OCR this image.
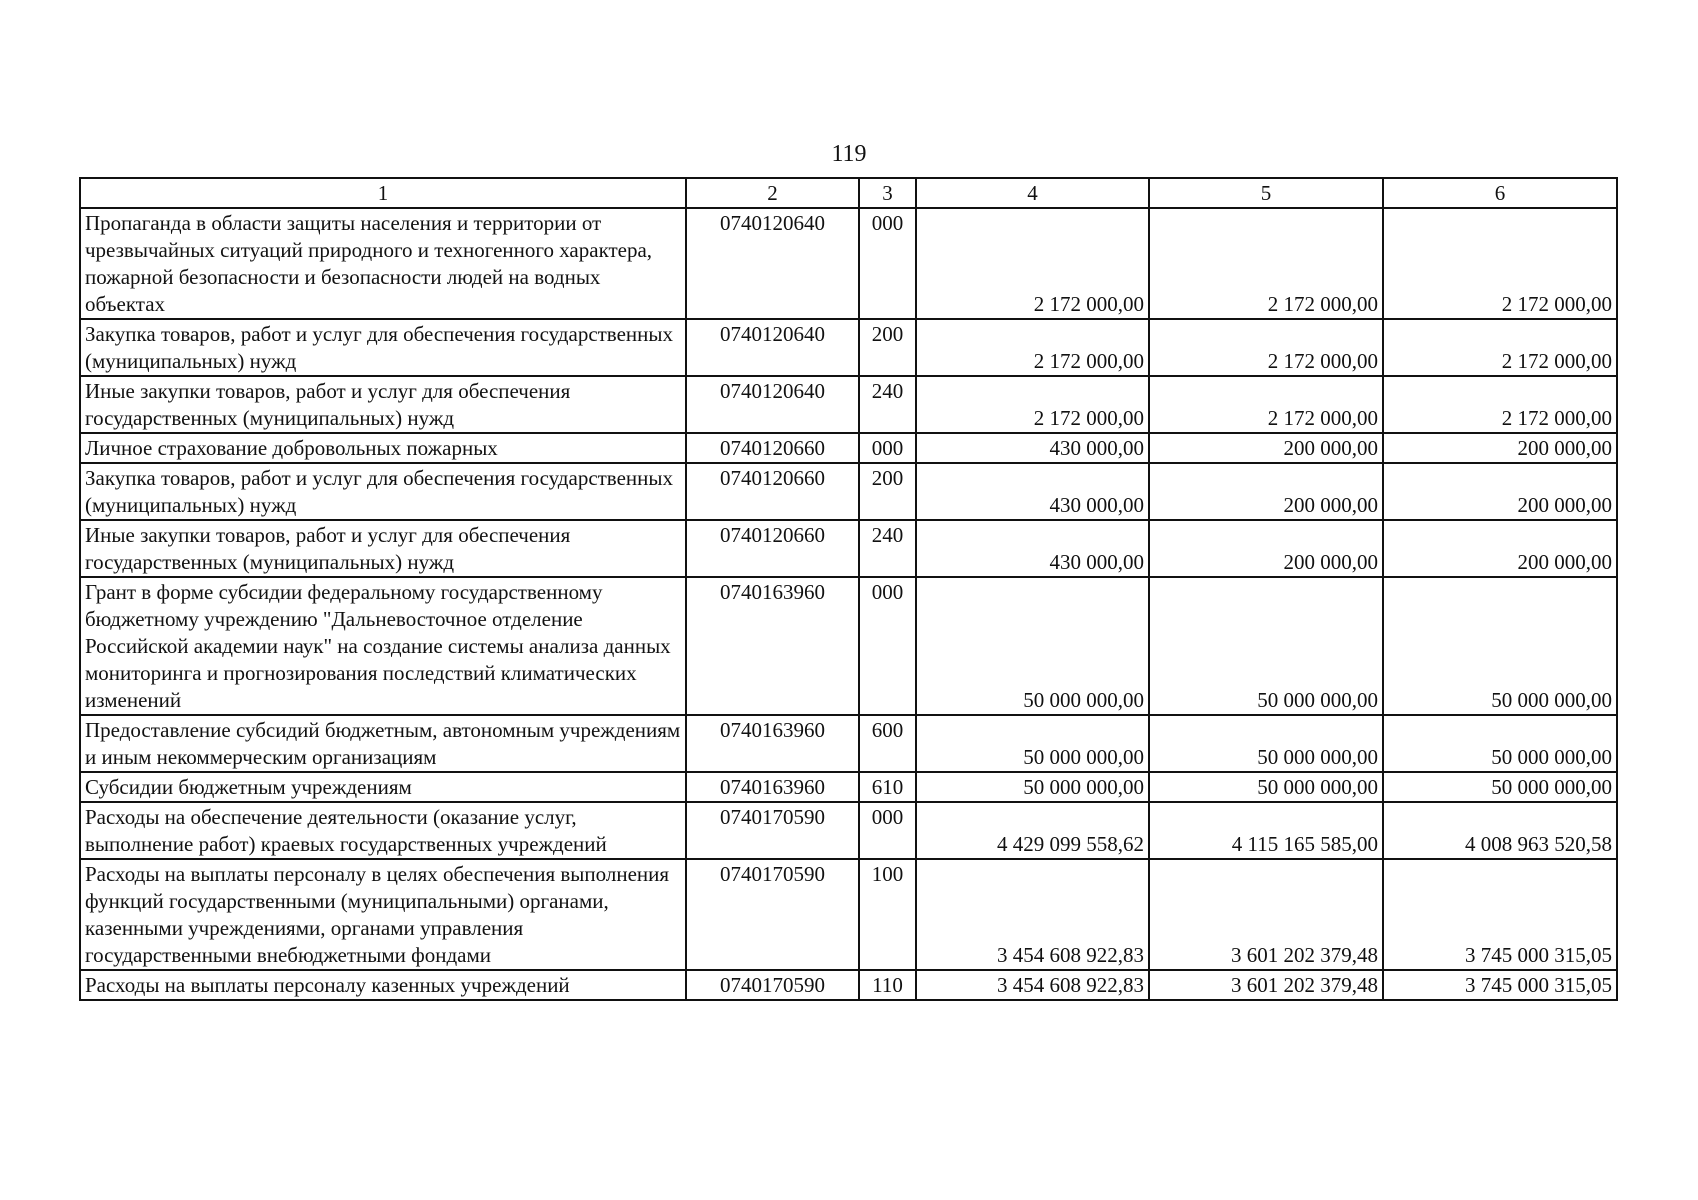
119
1	2	3	4	5	6
Пропаганда в области защиты населения и территории от чрезвычайных ситуаций природного и техногенного характера, пожарной безопасности и безопасности людей на водных объектах	0740120640	000	2 172 000,00	2 172 000,00	2 172 000,00
Закупка товаров, работ и услуг для обеспечения государственных (муниципальных) нужд	0740120640	200	2 172 000,00	2 172 000,00	2 172 000,00
Иные закупки товаров, работ и услуг для обеспечения государственных (муниципальных) нужд	0740120640	240	2 172 000,00	2 172 000,00	2 172 000,00
Личное страхование добровольных пожарных	0740120660	000	430 000,00	200 000,00	200 000,00
Закупка товаров, работ и услуг для обеспечения государственных (муниципальных) нужд	0740120660	200	430 000,00	200 000,00	200 000,00
Иные закупки товаров, работ и услуг для обеспечения государственных (муниципальных) нужд	0740120660	240	430 000,00	200 000,00	200 000,00
Грант в форме субсидии федеральному государственному бюджетному учреждению "Дальневосточное отделение Российской академии наук" на создание системы анализа данных мониторинга и прогнозирования последствий климатических изменений	0740163960	000	50 000 000,00	50 000 000,00	50 000 000,00
Предоставление субсидий бюджетным, автономным учреждениям и иным некоммерческим организациям	0740163960	600	50 000 000,00	50 000 000,00	50 000 000,00
Субсидии бюджетным учреждениям	0740163960	610	50 000 000,00	50 000 000,00	50 000 000,00
Расходы на обеспечение деятельности (оказание услуг, выполнение работ) краевых государственных учреждений	0740170590	000	4 429 099 558,62	4 115 165 585,00	4 008 963 520,58
Расходы на выплаты персоналу в целях обеспечения выполнения функций государственными (муниципальными) органами, казенными учреждениями, органами управления государственными внебюджетными фондами	0740170590	100	3 454 608 922,83	3 601 202 379,48	3 745 000 315,05
Расходы на выплаты персоналу казенных учреждений	0740170590	110	3 454 608 922,83	3 601 202 379,48	3 745 000 315,05
